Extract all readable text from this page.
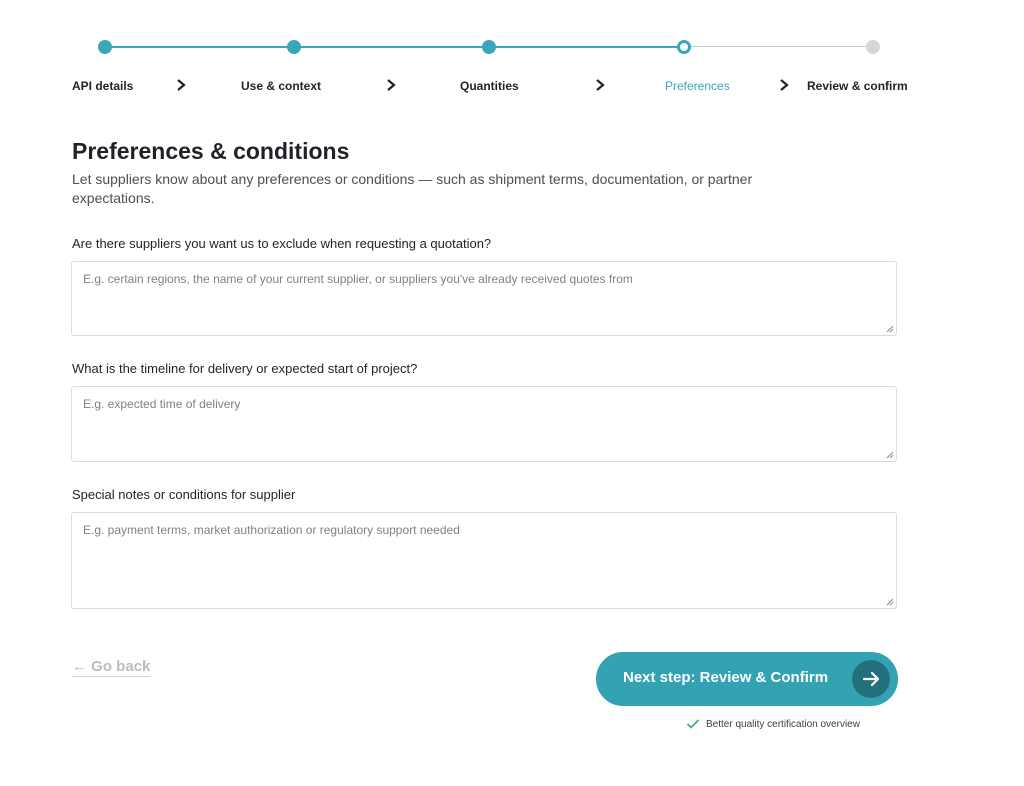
API details	Use & context	Quantities	Preferences	Review & confirm
Preferences & conditions

Let suppliers know about any preferences or conditions — such as shipment terms, documentation, or partner expectations.

Are there suppliers you want us to exclude when requesting a quotation?
E.g. certain regions, the name of your current supplier, or suppliers you've already received quotes from
What is the timeline for delivery or expected start of project?
E.g. expected time of delivery
Special notes or conditions for supplier
E.g. payment terms, market authorization or regulatory support needed
← Go back
Next step: Review & Confirm
Better quality certification overview
